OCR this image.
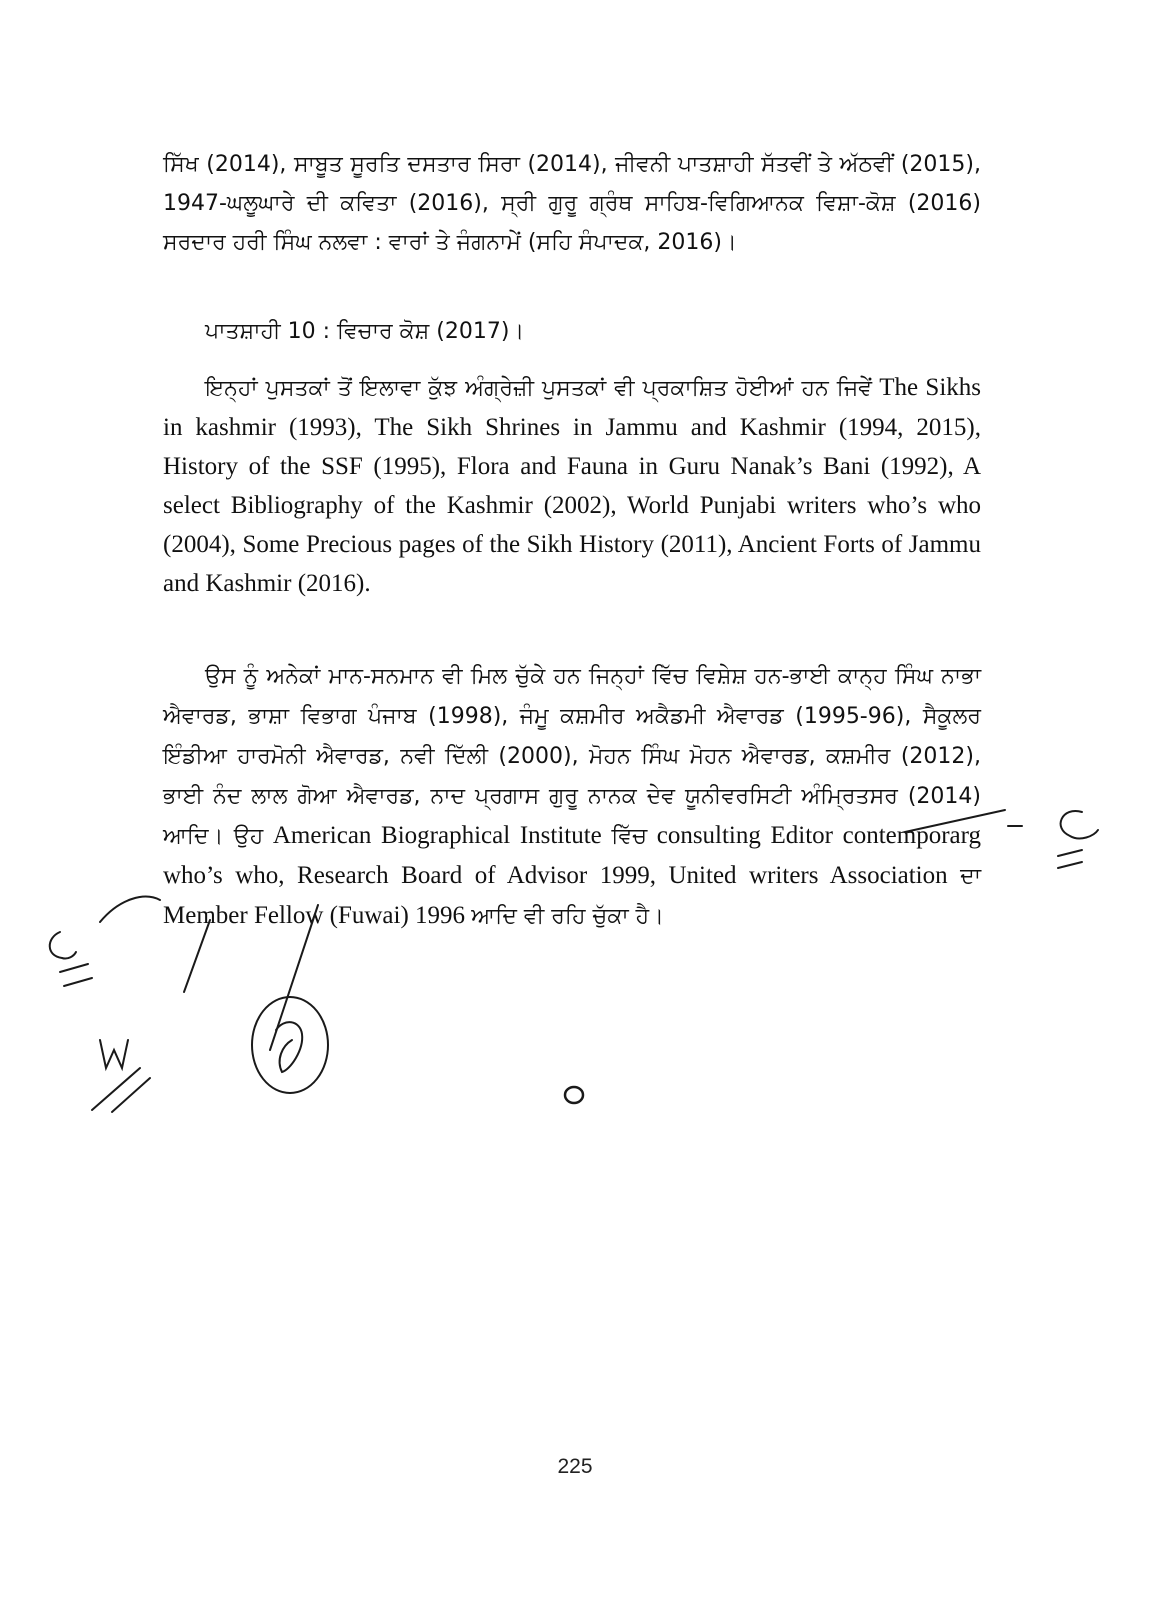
ਸਿੱਖ (2014), ਸਾਬੂਤ ਸੂਰਤਿ ਦਸਤਾਰ ਸਿਰਾ (2014), ਜੀਵਨੀ ਪਾਤਸ਼ਾਹੀ ਸੱਤਵੀਂ ਤੇ ਅੱਠਵੀਂ (2015), 1947-ਘਲੂਘਾਰੇ ਦੀ ਕਵਿਤਾ (2016), ਸ੍ਰੀ ਗੁਰੂ ਗ੍ਰੰਥ ਸਾਹਿਬ-ਵਿਗਿਆਨਕ ਵਿਸ਼ਾ-ਕੋਸ਼ (2016) ਸਰਦਾਰ ਹਰੀ ਸਿੰਘ ਨਲਵਾ : ਵਾਰਾਂ ਤੇ ਜੰਗਨਾਮੇਂ (ਸਹਿ ਸੰਪਾਦਕ, 2016)।

ਪਾਤਸ਼ਾਹੀ 10 : ਵਿਚਾਰ ਕੋਸ਼ (2017)।

ਇਨ੍ਹਾਂ ਪੁਸਤਕਾਂ ਤੋਂ ਇਲਾਵਾ ਕੁੱਝ ਅੰਗ੍ਰੇਜ਼ੀ ਪੁਸਤਕਾਂ ਵੀ ਪ੍ਰਕਾਸ਼ਿਤ ਹੋਈਆਂ ਹਨ ਜਿਵੇਂ The Sikhs in kashmir (1993), The Sikh Shrines in Jammu and Kashmir (1994, 2015), History of the SSF (1995), Flora and Fauna in Guru Nanak’s Bani (1992), A select Bibliography of the Kashmir (2002), World Punjabi writers who’s who (2004), Some Precious pages of the Sikh History (2011), Ancient Forts of Jammu and Kashmir (2016).

ਉਸ ਨੂੰ ਅਨੇਕਾਂ ਮਾਨ-ਸਨਮਾਨ ਵੀ ਮਿਲ ਚੁੱਕੇ ਹਨ ਜਿਨ੍ਹਾਂ ਵਿੱਚ ਵਿਸ਼ੇਸ਼ ਹਨ-ਭਾਈ ਕਾਨ੍ਹ ਸਿੰਘ ਨਾਭਾ ਐਵਾਰਡ, ਭਾਸ਼ਾ ਵਿਭਾਗ ਪੰਜਾਬ (1998), ਜੰਮੂ ਕਸ਼ਮੀਰ ਅਕੈਡਮੀ ਐਵਾਰਡ (1995-96), ਸੈਕੂਲਰ ਇੰਡੀਆ ਹਾਰਮੋਨੀ ਐਵਾਰਡ, ਨਵੀ ਦਿੱਲੀ (2000), ਮੋਹਨ ਸਿੰਘ ਮੋਹਨ ਐਵਾਰਡ, ਕਸ਼ਮੀਰ (2012), ਭਾਈ ਨੰਦ ਲਾਲ ਗੋਆ ਐਵਾਰਡ, ਨਾਦ ਪ੍ਰਗਾਸ ਗੁਰੂ ਨਾਨਕ ਦੇਵ ਯੂਨੀਵਰਸਿਟੀ ਅੰਮ੍ਰਿਤਸਰ (2014) ਆਦਿ। ਉਹ American Biographical Institute ਵਿੱਚ consulting Editor contemporarg who’s who, Research Board of Advisor 1999, United writers Association ਦਾ Member Fellow (Fuwai) 1996 ਆਦਿ ਵੀ ਰਹਿ ਚੁੱਕਾ ਹੈ।

225
